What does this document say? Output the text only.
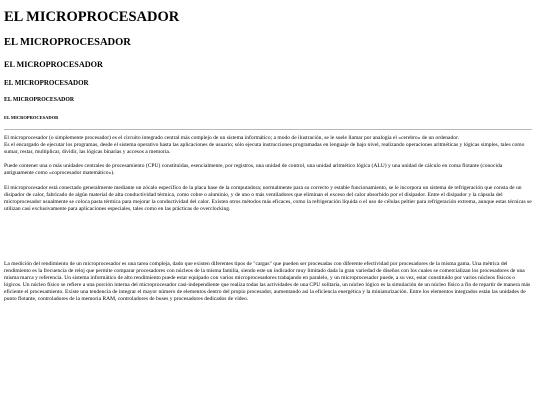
EL MICROPROCESADOR
EL MICROPROCESADOR
EL MICROPROCESADOR
EL MICROPROCESADOR
EL MICROPROCESADOR
EL MICROPROCESADOR

El microprocesador (o simplemente procesador) es el circuito integrado central más complejo de un sistema informático; a modo de ilustración, se le suele llamar por analogía el «cerebro» de un ordenador.

Es el encargado de ejecutar los programas, desde el sistema operativo hasta las aplicaciones de usuario; sólo ejecuta instrucciones programadas en lenguaje de bajo nivel, realizando operaciones aritméticas y lógicas simples, tales como sumar, restar, multiplicar, dividir, las lógicas binarias y accesos a memoria.

Puede contener una o más unidades centrales de procesamiento (CPU) constituidas, esencialmente, por registros, una unidad de control, una unidad aritmético lógica (ALU) y una unidad de cálculo en coma flotante (conocida antiguamente como «coprocesador matemático»).

El microprocesador está conectado generalmente mediante un zócalo específico de la placa base de la computadora; normalmente para su correcto y estable funcionamiento, se le incorpora un sistema de refrigeración que consta de un disipador de calor, fabricado de algún material de alta conductividad térmica, como cobre o aluminio, y de uno o más ventiladores que eliminan el exceso del calor absorbido por el disipador. Entre el disipador y la cápsula del microprocesador usualmente se coloca pasta térmica para mejorar la conductividad del calor. Existen otros métodos más eficaces, como la refrigeración líquida o el uso de células peltier para refrigeración extrema, aunque estas técnicas se utilizan casi exclusivamente para aplicaciones especiales, tales como en las prácticas de overclocking.

La medición del rendimiento de un microprocesador es una tarea compleja, dado que existen diferentes tipos de "cargas" que pueden ser procesadas con diferente efectividad por procesadores de la misma gama. Una métrica del rendimiento es la frecuencia de reloj que permite comparar procesadores con núcleos de la misma familia, siendo este un indicador muy limitado dada la gran variedad de diseños con los cuales se comercializan los procesadores de una misma marca y referencia. Un sistema informático de alto rendimiento puede estar equipado con varios microprocesadores trabajando en paralelo, y un microprocesador puede, a su vez, estar constituido por varios núcleos físicos o lógicos. Un núcleo físico se refiere a una porción interna del microprocesador casi-independiente que realiza todas las actividades de una CPU solitaria, un núcleo lógico es la simulación de un núcleo físico a fin de repartir de manera más eficiente el procesamiento. Existe una tendencia de integrar el mayor número de elementos dentro del propio procesador, aumentando así la eficiencia energética y la miniaturización. Entre los elementos integrados están las unidades de punto flotante, controladores de la memoria RAM, controladores de buses y procesadores dedicados de vídeo.
